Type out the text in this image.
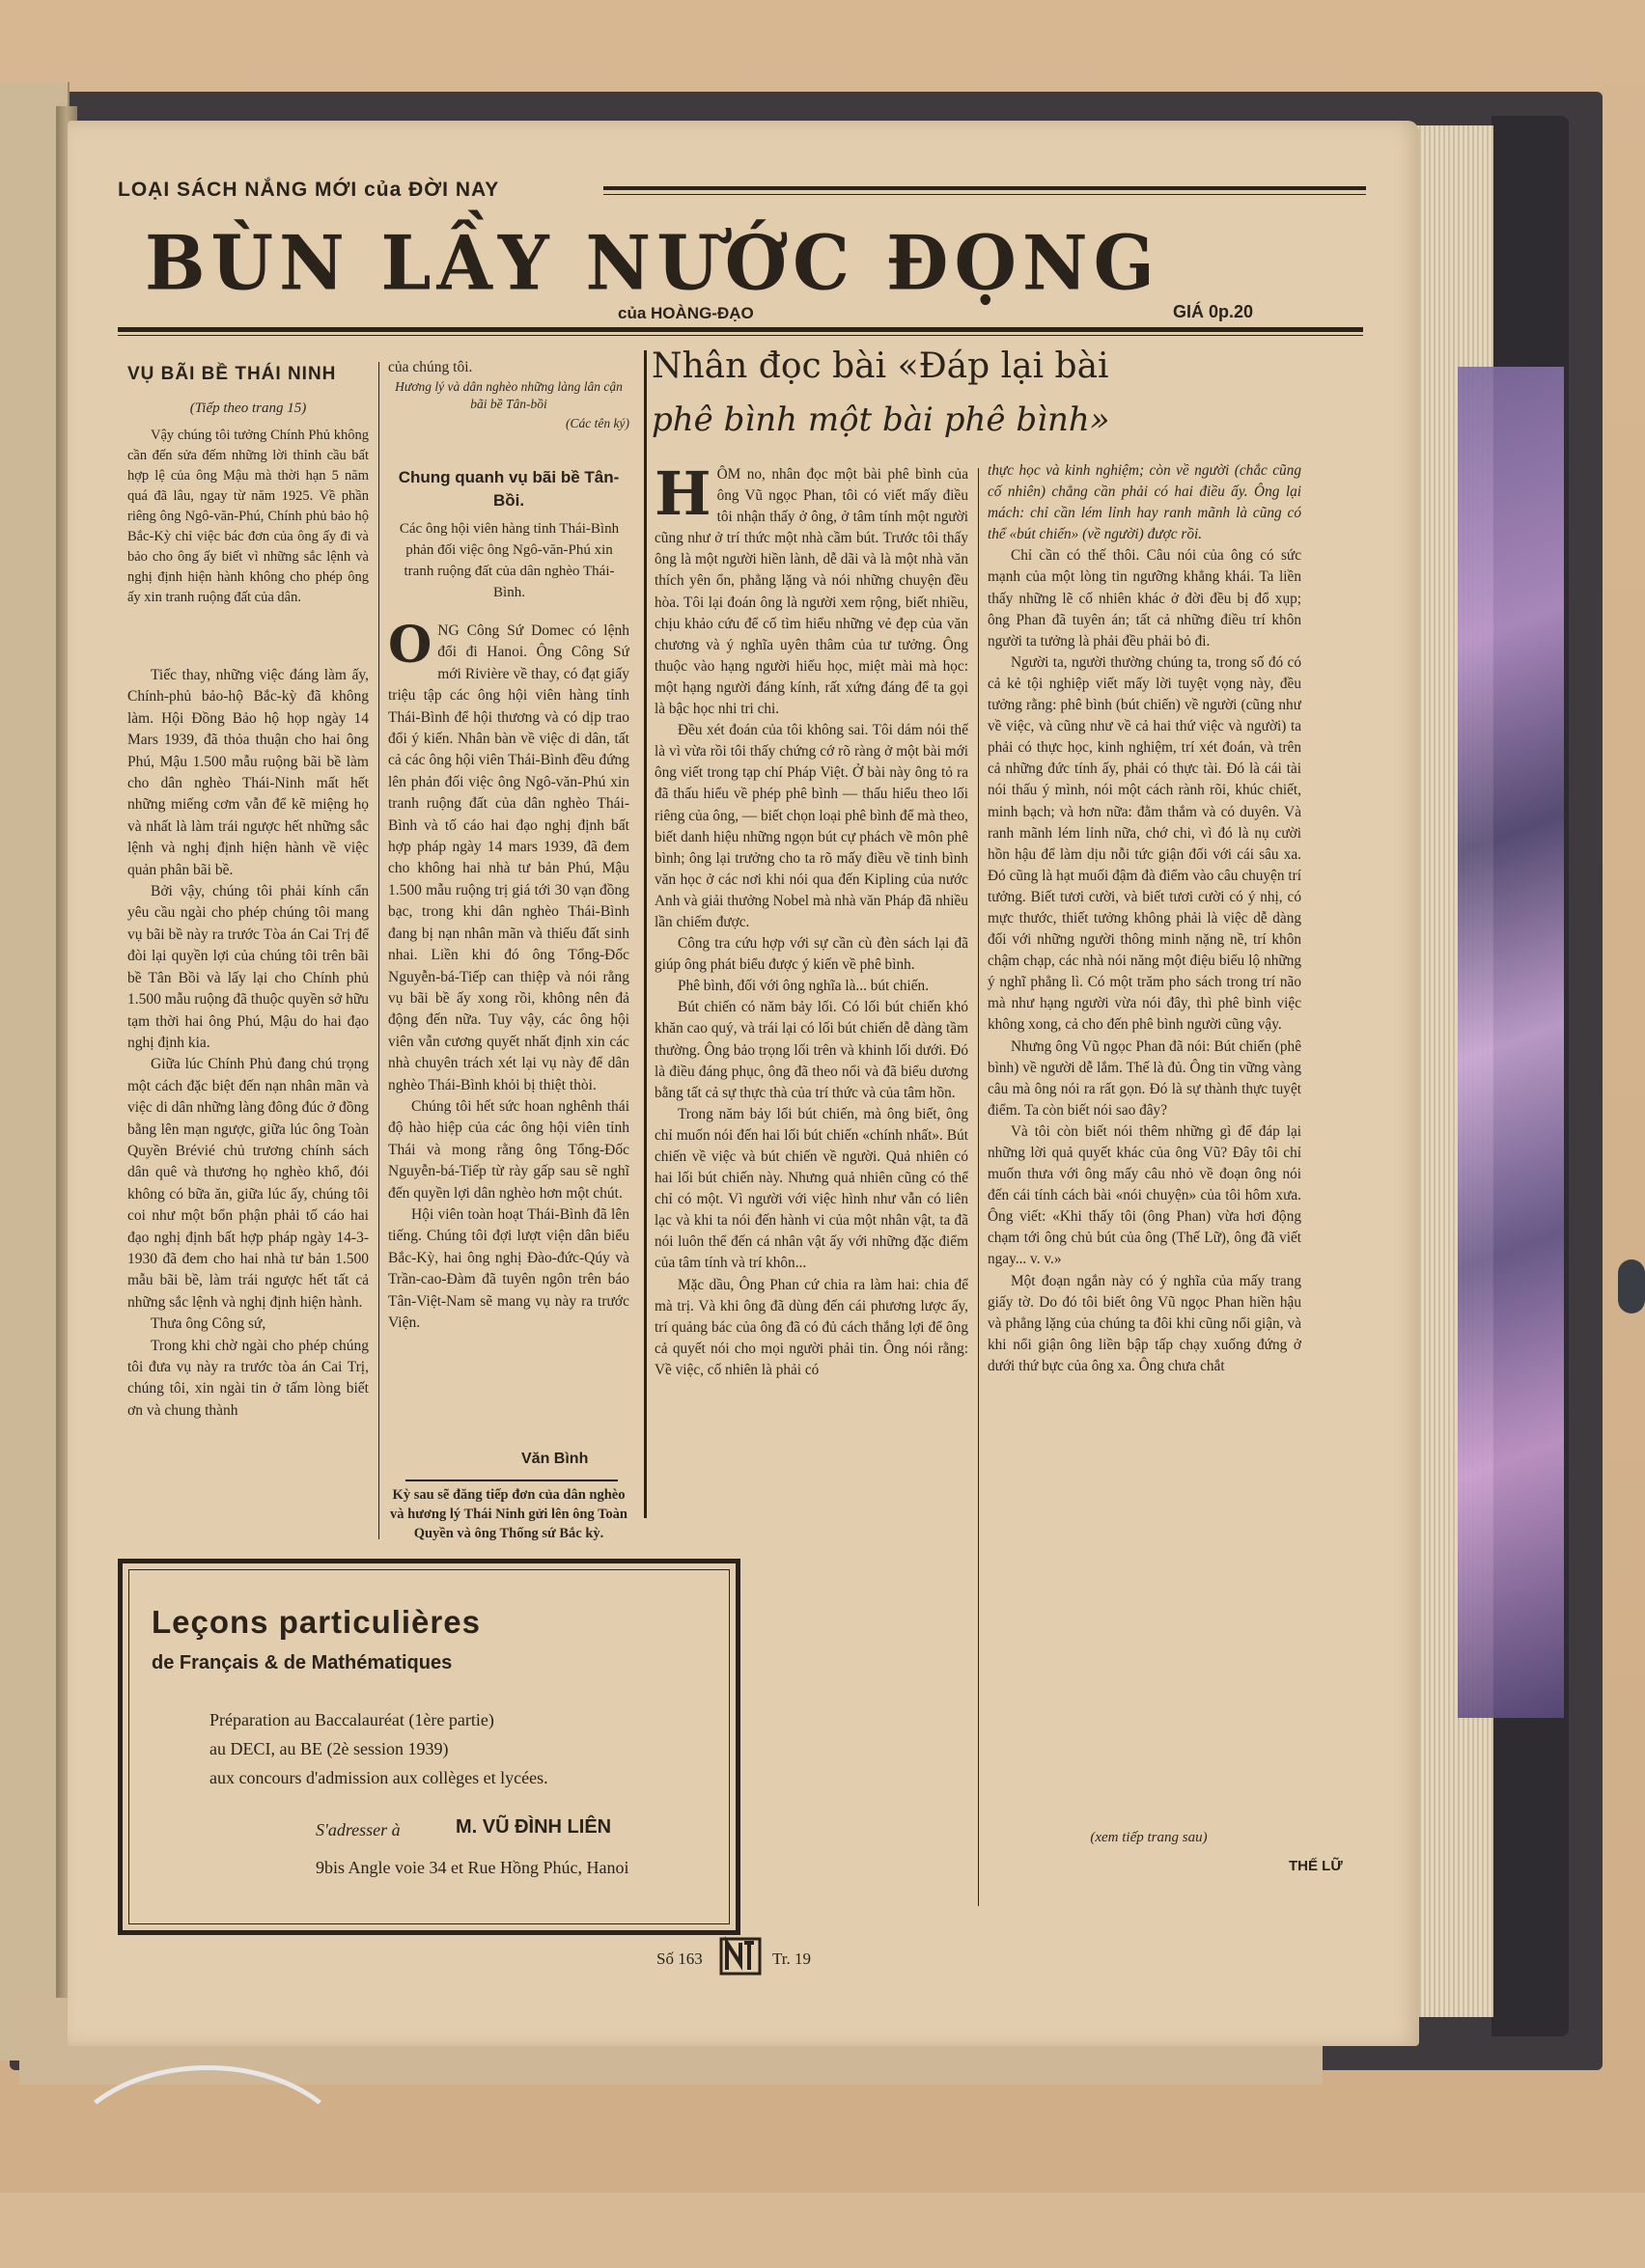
LOẠI SÁCH NẮNG MỚI của ĐỜI NAY
BÙN LẦY NƯỚC ĐỌNG
của HOÀNG-ĐẠO	GIÁ 0p.20
VỤ BÃI BỀ THÁI NINH
(Tiếp theo trang 15)

Vậy chúng tôi tưởng Chính Phủ không cần đến sửa đếm những lời thỉnh cầu bất hợp lệ của ông Mậu mà thời hạn 5 năm quá đã lâu, ngay từ năm 1925. Về phần riêng ông Ngô-văn-Phú, Chính phủ bảo hộ Bắc-Kỳ chỉ việc bác đơn của ông ấy đi và bảo cho ông ấy biết vì những sắc lệnh và nghị định hiện hành không cho phép ông ấy xin tranh ruộng đất của dân.

Tiếc thay, những việc đáng làm ấy, Chính-phủ bảo-hộ Bắc-kỳ đã không làm. Hội Đồng Bảo hộ họp ngày 14 Mars 1939, đã thỏa thuận cho hai ông Phú, Mậu 1.500 mẫu ruộng bãi bề làm cho dân nghèo Thái-Ninh mất hết những miếng cơm vẫn để kẽ miệng họ và nhất là làm trái ngược hết những sắc lệnh và nghị định hiện hành về việc quản phân bãi bề.

Bởi vậy, chúng tôi phải kính cẩn yêu cầu ngài cho phép chúng tôi mang vụ bãi bề này ra trước Tòa án Cai Trị để đòi lại quyền lợi của chúng tôi trên bãi bề Tân Bồi và lấy lại cho Chính phủ 1.500 mẫu ruộng đã thuộc quyền sở hữu tạm thời hai ông Phú, Mậu do hai đạo nghị định kia.

Giữa lúc Chính Phủ đang chú trọng một cách đặc biệt đến nạn nhân mãn và việc di dân những làng đông đúc ở đồng bằng lên mạn ngược, giữa lúc ông Toàn Quyền Brévié chủ trương chính sách dân quê và thương họ nghèo khổ, đói không có bữa ăn, giữa lúc ấy, chúng tôi coi như một bổn phận phải tố cáo hai đạo nghị định bất hợp pháp ngày 14-3-1930 đã đem cho hai nhà tư bản 1.500 mẫu bãi bề, làm trái ngược hết tất cả những sắc lệnh và nghị định hiện hành.

Thưa ông Công sứ,

Trong khi chờ ngài cho phép chúng tôi đưa vụ này ra trước tòa án Cai Trị, chúng tôi, xin ngài tin ở tấm lòng biết ơn và chung thành

của chúng tôi.
Hương lý và dân nghèo những làng lân cận bãi bề Tân-bồi
(Các tên ký)
Chung quanh vụ bãi bề Tân-Bồi.
Các ông hội viên hàng tỉnh Thái-Bình phản đối việc ông Ngô-văn-Phú xin tranh ruộng đất của dân nghèo Thái-Bình.
O NG Công Sứ Domec có lệnh đổi đi Hanoi. Ông Công Sứ mới Rivière về thay, có đạt giấy triệu tập các ông hội viên hàng tỉnh Thái-Bình để hội thương và có dịp trao đổi ý kiến. Nhân bàn về việc di dân, tất cả các ông hội viên Thái-Bình đều đứng lên phản đối việc ông Ngô-văn-Phú xin tranh ruộng đất của dân nghèo Thái-Bình và tố cáo hai đạo nghị định bất hợp pháp ngày 14 mars 1939, đã đem cho không hai nhà tư bản Phú, Mậu 1.500 mẫu ruộng trị giá tới 30 vạn đồng bạc, trong khi dân nghèo Thái-Bình đang bị nạn nhân mãn và thiếu đất sinh nhai. Liền khi đó ông Tổng-Đốc Nguyễn-bá-Tiếp can thiệp và nói rằng vụ bãi bề ấy xong rồi, không nên đả động đến nữa. Tuy vậy, các ông hội viên vẫn cương quyết nhất định xin các nhà chuyên trách xét lại vụ này để dân nghèo Thái-Bình khỏi bị thiệt thòi.

Chúng tôi hết sức hoan nghênh thái độ hào hiệp của các ông hội viên tỉnh Thái và mong rằng ông Tổng-Đốc Nguyễn-bá-Tiếp từ rày gấp sau sẽ nghĩ đến quyền lợi dân nghèo hơn một chút.

Hội viên toàn hoạt Thái-Bình đã lên tiếng. Chúng tôi đợi lượt viện dân biểu Bắc-Kỳ, hai ông nghị Đào-đức-Qúy và Trần-cao-Đàm đã tuyên ngôn trên báo Tân-Việt-Nam sẽ mang vụ này ra trước Viện.

Văn Bình
Kỳ sau sẽ đăng tiếp đơn của dân nghèo và hương lý Thái Ninh gửi lên ông Toàn Quyền và ông Thống sứ Bắc kỳ.
Nhân đọc bài «Đáp lại bài
phê bình một bài phê bình»
H ÔM no, nhân đọc một bài phê bình của ông Vũ ngọc Phan, tôi có viết mấy điều tôi nhận thấy ở ông, ở tâm tính một người cũng như ở trí thức một nhà cầm bút. Trước tôi thấy ông là một người hiền lành, dễ dãi và là một nhà văn thích yên ổn, phẳng lặng và nói những chuyện đều hòa. Tôi lại đoán ông là người xem rộng, biết nhiều, chịu khảo cứu để cố tìm hiểu những vẻ đẹp của văn chương và ý nghĩa uyên thâm của tư tưởng. Ông thuộc vào hạng người hiếu học, miệt mài mà học: một hạng người đáng kính, rất xứng đáng để ta gọi là bậc học nhi tri chi.

Đều xét đoán của tôi không sai. Tôi dám nói thế là vì vừa rồi tôi thấy chứng cớ rõ ràng ở một bài mới ông viết trong tạp chí Pháp Việt. Ở bài này ông tỏ ra đã thấu hiểu về phép phê bình — thấu hiểu theo lối riêng của ông, — biết chọn loại phê bình để mà theo, biết danh hiệu những ngọn bút cự phách về môn phê bình; ông lại trưởng cho ta rõ mấy điều về tinh bình văn học ở các nơi khi nói qua đến Kipling của nước Anh và giải thưởng Nobel mà nhà văn Pháp đã nhiều lần chiếm được.

Công tra cứu hợp với sự cần cù đèn sách lại đã giúp ông phát biểu được ý kiến về phê bình.

Phê bình, đối với ông nghĩa là... bút chiến.

Bút chiến có năm bảy lối. Có lối bút chiến khó khăn cao quý, và trái lại có lối bút chiến dễ dàng tầm thường. Ông bảo trọng lối trên và khinh lối dưới. Đó là điều đáng phục, ông đã theo nổi và đã biểu dương bằng tất cả sự thực thà của trí thức và của tâm hồn.

Trong năm bảy lối bút chiến, mà ông biết, ông chỉ muốn nói đến hai lối bút chiến «chính nhất». Bút chiến về việc và bút chiến về người. Quả nhiên có hai lối bút chiến này. Nhưng quả nhiên cũng có thể chỉ có một. Vì người với việc hình như vẫn có liên lạc và khi ta nói đến hành vi của một nhân vật, ta đã nói luôn thể đến cá nhân vật ấy với những đặc điểm của tâm tính và trí khôn...

Mặc dầu, Ông Phan cứ chia ra làm hai: chia để mà trị. Và khi ông đã dùng đến cái phương lược ấy, trí quảng bác của ông đã có đủ cách thắng lợi để ông cả quyết nói cho mọi người phải tin. Ông nói rằng: Về việc, cố nhiên là phải có

thực học và kinh nghiệm; còn về người (chắc cũng cố nhiên) chẳng cần phải có hai điều ấy. Ông lại mách: chỉ cần lém lỉnh hay ranh mãnh là cũng có thể «bút chiến» (về người) được rồi.

Chỉ cần có thế thôi. Câu nói của ông có sức mạnh của một lòng tin ngưỡng khẳng khái. Ta liền thấy những lẽ cố nhiên khác ở đời đều bị đổ xụp; ông Phan đã tuyên án; tất cả những điều trí khôn người ta tưởng là phải đều phải bỏ đi.

Người ta, người thường chúng ta, trong số đó có cả kẻ tội nghiệp viết mấy lời tuyệt vọng này, đều tưởng rằng: phê bình (bút chiến) về người (cũng như về việc, và cũng như về cả hai thứ việc và người) ta phải có thực học, kinh nghiệm, trí xét đoán, và trên cả những đức tính ấy, phải có thực tài. Đó là cái tài nói thấu ý mình, nói một cách rành rõi, khúc chiết, minh bạch; và hơn nữa: đằm thắm và có duyên. Và ranh mãnh lém lỉnh nữa, chớ chi, vì đó là nụ cười hồn hậu để làm dịu nỗi tức giận đối với cái sâu xa. Đó cũng là hạt muối đậm đà điểm vào câu chuyện trí tưởng. Biết tươi cười, và biết tươi cười có ý nhị, có mực thước, thiết tưởng không phải là việc dễ dàng đối với những người thông minh nặng nề, trí khôn chậm chạp, các nhà nói năng một điệu biểu lộ những ý nghĩ phẳng lì. Có một trăm pho sách trong trí não mà như hạng người vừa nói đây, thì phê bình việc không xong, cả cho đến phê bình người cũng vậy.

Nhưng ông Vũ ngọc Phan đã nói: Bút chiến (phê bình) về người dễ lắm. Thế là đủ. Ông tin vững vàng câu mà ông nói ra rất gọn. Đó là sự thành thực tuyệt điểm. Ta còn biết nói sao đây?

Và tôi còn biết nói thêm những gì để đáp lại những lời quả quyết khác của ông Vũ? Đây tôi chỉ muốn thưa với ông mấy câu nhỏ về đoạn ông nói đến cái tính cách bài «nói chuyện» của tôi hôm xưa. Ông viết: «Khi thấy tôi (ông Phan) vừa hơi động chạm tới ông chủ bút của ông (Thế Lữ), ông đã viết ngay... v. v.»

Một đoạn ngắn này có ý nghĩa của mấy trang giấy tờ. Do đó tôi biết ông Vũ ngọc Phan hiền hậu và phẳng lặng của chúng ta đôi khi cũng nổi giận, và khi nổi giận ông liền bập tấp chạy xuống đứng ở dưới thứ bực của ông xa. Ông chưa chắt

(xem tiếp trang sau)
THẾ LỮ
Leçons particulières
de Français & de Mathématiques
Préparation au Baccalauréat (1ère partie)
au DECI, au BE (2è session 1939)
aux concours d'admission aux collèges et lycées.
S'adresser à	M. VŨ ĐÌNH LIÊN
9bis Angle voie 34 et Rue Hồng Phúc, Hanoi
Số 163	Tr. 19
